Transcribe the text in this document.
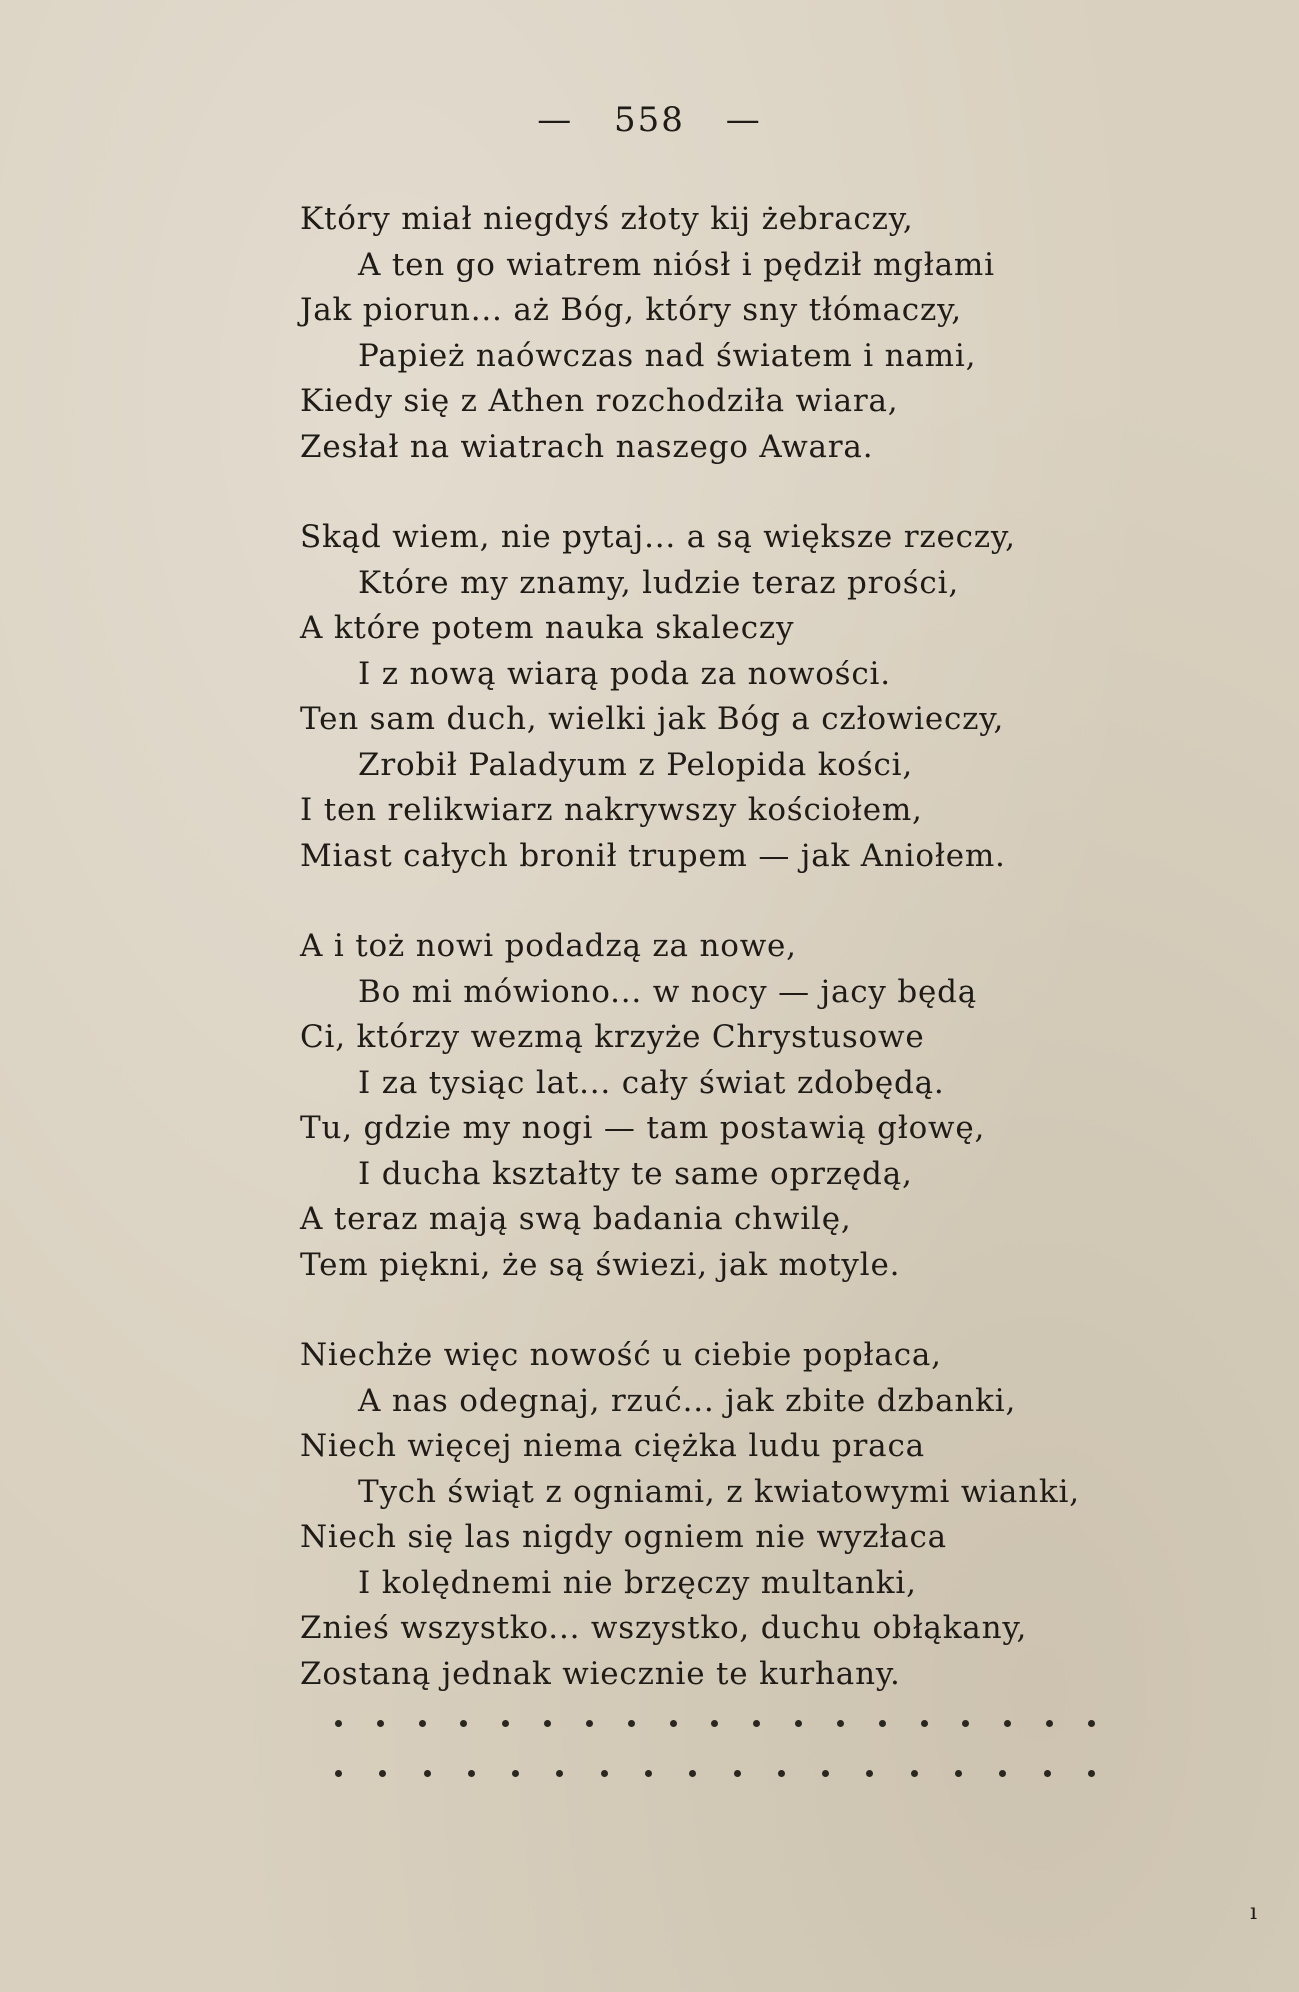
— 558 —
Który miał niegdyś złoty kij żebraczy,
A ten go wiatrem niósł i pędził mgłami
Jak piorun... aż Bóg, który sny tłómaczy,
Papież naówczas nad światem i nami,
Kiedy się z Athen rozchodziła wiara,
Zesłał na wiatrach naszego Awara.
Skąd wiem, nie pytaj... a są większe rzeczy,
Które my znamy, ludzie teraz prości,
A które potem nauka skaleczy
I z nową wiarą poda za nowości.
Ten sam duch, wielki jak Bóg a człowieczy,
Zrobił Paladyum z Pelopida kości,
I ten relikwiarz nakrywszy kościołem,
Miast całych bronił trupem — jak Aniołem.
A i toż nowi podadzą za nowe,
Bo mi mówiono... w nocy — jacy będą
Ci, którzy wezmą krzyże Chrystusowe
I za tysiąc lat... cały świat zdobędą.
Tu, gdzie my nogi — tam postawią głowę,
I ducha kształty te same oprzędą,
A teraz mają swą badania chwilę,
Tem piękni, że są świezi, jak motyle.
Niechże więc nowość u ciebie popłaca,
A nas odegnaj, rzuć... jak zbite dzbanki,
Niech więcej niema ciężka ludu praca
Tych świąt z ogniami, z kwiatowymi wianki,
Niech się las nigdy ogniem nie wyzłaca
I kolędnemi nie brzęczy multanki,
Znieś wszystko... wszystko, duchu obłąkany,
Zostaną jednak wiecznie te kurhany.
ı
